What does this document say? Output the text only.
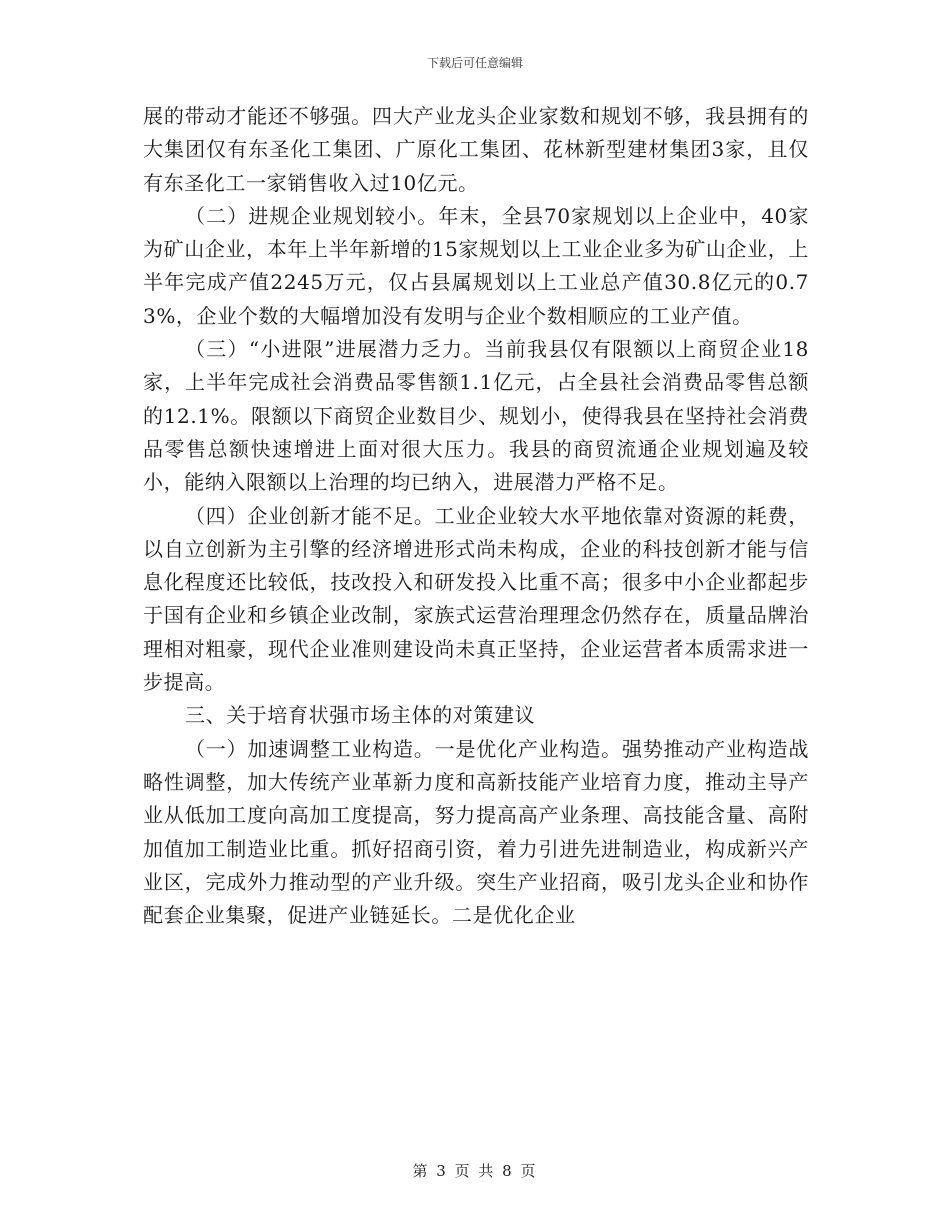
下载后可任意编辑

展的带动才能还不够强。四大产业龙头企业家数和规划不够，我县拥有的大集团仅有东圣化工集团、广原化工集团、花林新型建材集团3家，且仅有东圣化工一家销售收入过10亿元。

（二）进规企业规划较小。年末，全县70家规划以上企业中，40家为矿山企业，本年上半年新增的15家规划以上工业企业多为矿山企业，上半年完成产值2245万元，仅占县属规划以上工业总产值30.8亿元的0.73%，企业个数的大幅增加没有发明与企业个数相顺应的工业产值。

（三）“小进限”进展潜力乏力。当前我县仅有限额以上商贸企业18家，上半年完成社会消费品零售额1.1亿元，占全县社会消费品零售总额的12.1%。限额以下商贸企业数目少、规划小，使得我县在坚持社会消费品零售总额快速增进上面对很大压力。我县的商贸流通企业规划遍及较小，能纳入限额以上治理的均已纳入，进展潜力严格不足。

（四）企业创新才能不足。工业企业较大水平地依靠对资源的耗费，以自立创新为主引擎的经济增进形式尚未构成，企业的科技创新才能与信息化程度还比较低，技改投入和研发投入比重不高；很多中小企业都起步于国有企业和乡镇企业改制，家族式运营治理理念仍然存在，质量品牌治理相对粗豪，现代企业准则建设尚未真正坚持，企业运营者本质需求进一步提高。

三、关于培育状强市场主体的对策建议

（一）加速调整工业构造。一是优化产业构造。强势推动产业构造战略性调整，加大传统产业革新力度和高新技能产业培育力度，推动主导产业从低加工度向高加工度提高，努力提高高产业条理、高技能含量、高附加值加工制造业比重。抓好招商引资，着力引进先进制造业，构成新兴产业区，完成外力推动型的产业升级。突生产业招商，吸引龙头企业和协作配套企业集聚，促进产业链延长。二是优化企业

第 3 页 共 8 页
